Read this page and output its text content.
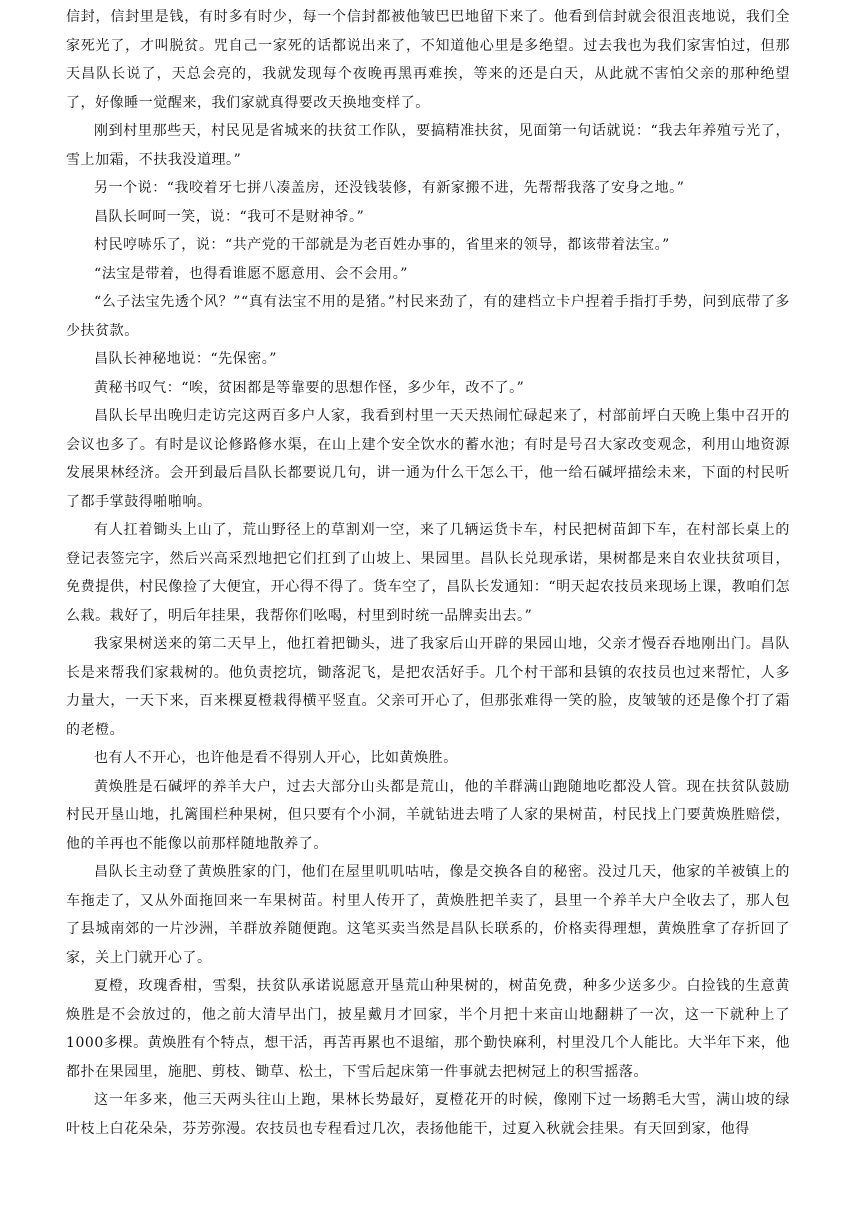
信封，信封里是钱，有时多有时少，每一个信封都被他皱巴巴地留下来了。他看到信封就会很沮丧地说，我们全家死光了，才叫脱贫。咒自己一家死的话都说出来了，不知道他心里是多绝望。过去我也为我们家害怕过，但那天昌队长说了，天总会亮的，我就发现每个夜晚再黑再难挨，等来的还是白天，从此就不害怕父亲的那种绝望了，好像睡一觉醒来，我们家就真得要改天换地变样了。

刚到村里那些天，村民见是省城来的扶贫工作队，要搞精准扶贫，见面第一句话就说：“我去年养殖亏光了，雪上加霜，不扶我没道理。”

另一个说：“我咬着牙七拼八凑盖房，还没钱装修，有新家搬不进，先帮帮我落了安身之地。”

昌队长呵呵一笑，说：“我可不是财神爷。”

村民哼哧乐了，说：“共产党的干部就是为老百姓办事的，省里来的领导，都该带着法宝。”

“法宝是带着，也得看谁愿不愿意用、会不会用。”

“么子法宝先透个风？”“真有法宝不用的是猪。”村民来劲了，有的建档立卡户捏着手指打手势，问到底带了多少扶贫款。

昌队长神秘地说：“先保密。”

黄秘书叹气：“唉，贫困都是等靠要的思想作怪，多少年，改不了。”

昌队长早出晚归走访完这两百多户人家，我看到村里一天天热闹忙碌起来了，村部前坪白天晚上集中召开的会议也多了。有时是议论修路修水渠，在山上建个安全饮水的蓄水池；有时是号召大家改变观念，利用山地资源发展果林经济。会开到最后昌队长都要说几句，讲一通为什么干怎么干，他一给石碱坪描绘未来，下面的村民听了都手掌鼓得啪啪响。

有人扛着锄头上山了，荒山野径上的草割刈一空，来了几辆运货卡车，村民把树苗卸下车，在村部长桌上的登记表签完字，然后兴高采烈地把它们扛到了山坡上、果园里。昌队长兑现承诺，果树都是来自农业扶贫项目，免费提供，村民像捡了大便宜，开心得不得了。货车空了，昌队长发通知：“明天起农技员来现场上课，教咱们怎么栽。栽好了，明后年挂果，我帮你们吆喝，村里到时统一品牌卖出去。”

我家果树送来的第二天早上，他扛着把锄头，进了我家后山开辟的果园山地，父亲才慢吞吞地刚出门。昌队长是来帮我们家栽树的。他负责挖坑，锄落泥飞，是把农活好手。几个村干部和县镇的农技员也过来帮忙，人多力量大，一天下来，百来棵夏橙栽得横平竖直。父亲可开心了，但那张难得一笑的脸，皮皱皱的还是像个打了霜的老橙。

也有人不开心，也许他是看不得别人开心，比如黄焕胜。

黄焕胜是石碱坪的养羊大户，过去大部分山头都是荒山，他的羊群满山跑随地吃都没人管。现在扶贫队鼓励村民开垦山地，扎篱围栏种果树，但只要有个小洞，羊就钻进去啃了人家的果树苗，村民找上门要黄焕胜赔偿，他的羊再也不能像以前那样随地散养了。

昌队长主动登了黄焕胜家的门，他们在屋里叽叽咕咕，像是交换各自的秘密。没过几天，他家的羊被镇上的车拖走了，又从外面拖回来一车果树苗。村里人传开了，黄焕胜把羊卖了，县里一个养羊大户全收去了，那人包了县城南郊的一片沙洲，羊群放养随便跑。这笔买卖当然是昌队长联系的，价格卖得理想，黄焕胜拿了存折回了家，关上门就开心了。

夏橙，玫瑰香柑，雪梨，扶贫队承诺说愿意开垦荒山种果树的，树苗免费，种多少送多少。白捡钱的生意黄焕胜是不会放过的，他之前大清早出门，披星戴月才回家，半个月把十来亩山地翻耕了一次，这一下就种上了1000多棵。黄焕胜有个特点，想干活，再苦再累也不退缩，那个勤快麻利，村里没几个人能比。大半年下来，他都扑在果园里，施肥、剪枝、锄草、松土，下雪后起床第一件事就去把树冠上的积雪摇落。

这一年多来，他三天两头往山上跑，果林长势最好，夏橙花开的时候，像刚下过一场鹅毛大雪，满山坡的绿叶枝上白花朵朵，芬芳弥漫。农技员也专程看过几次，表扬他能干，过夏入秋就会挂果。有天回到家，他得
